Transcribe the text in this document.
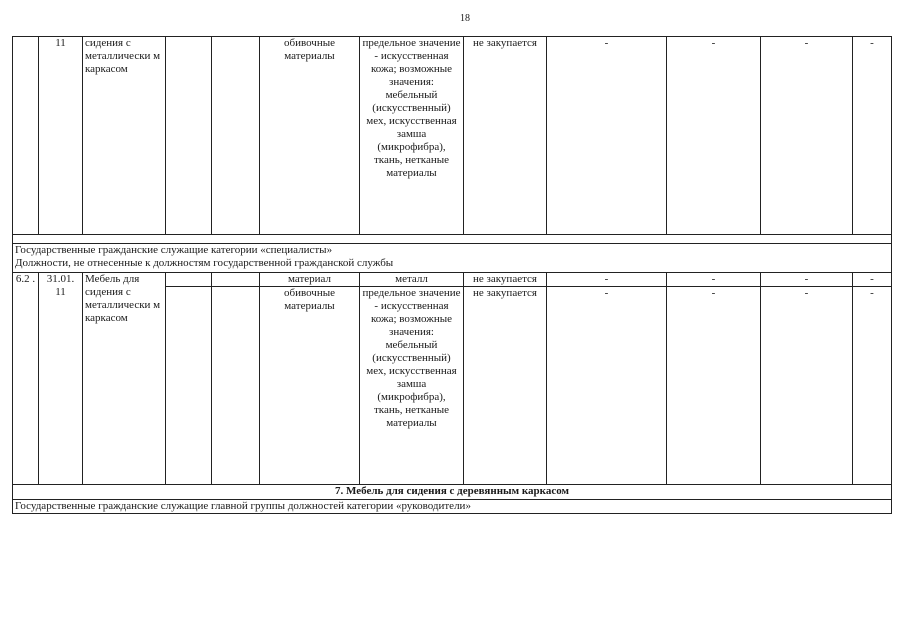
18
	11	сидения с металлически м каркасом			обивочные материалы	предельное значение - искусственная кожа; возможные значения: мебельный (искусственный) мех, искусственная замша (микрофибра), ткань, нетканые материалы	не закупается	-	-	-	-

Государственные гражданские служащие категории «специалисты»
Должности, не отнесенные к должностям государственной гражданской службы											

6.2 .	31.01. 11	Мебель для сидения с металлически м каркасом			материал	металл	не закупается	-	-	-	-
					обивочные материалы	предельное значение - искусственная кожа; возможные значения: мебельный (искусственный) мех, искусственная замша (микрофибра), ткань, нетканые материалы	не закупается	-	-	-	-
7. Мебель для сидения с деревянным каркасом											
Государственные гражданские служащие главной группы должностей категории «руководители»											
